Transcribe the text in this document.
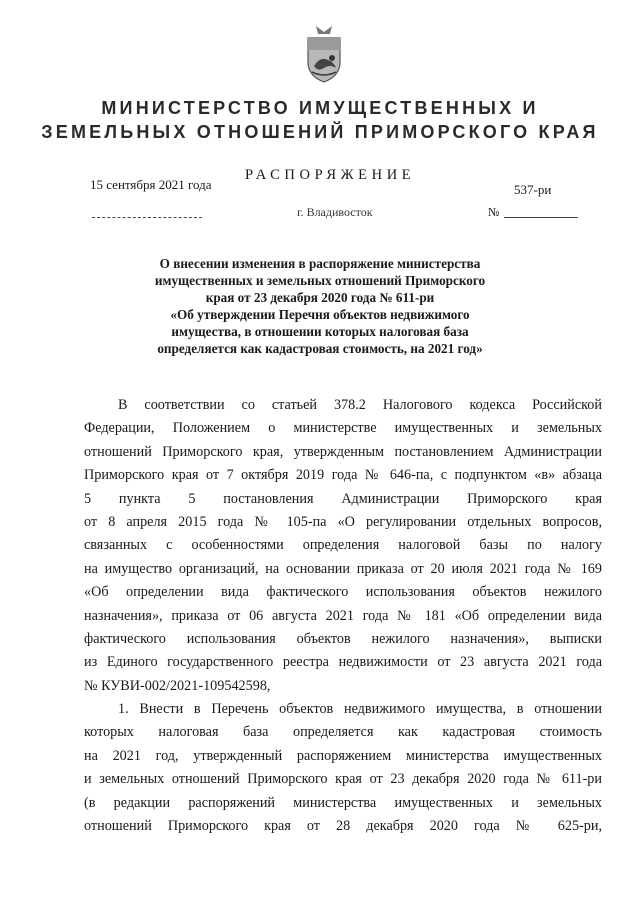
МИНИСТЕРСТВО ИМУЩЕСТВЕННЫХ И
ЗЕМЕЛЬНЫХ ОТНОШЕНИЙ ПРИМОРСКОГО КРАЯ
15 сентября 2021 года
РАСПОРЯЖЕНИЕ
537-ри
г. Владивосток	№
О внесении изменения в распоряжение министерства
имущественных и земельных отношений Приморского
края от 23 декабря 2020 года № 611-ри
«Об утверждении Перечня объектов недвижимого
имущества, в отношении которых налоговая база
определяется как кадастровая стоимость, на 2021 год»
В соответствии со статьей 378.2 Налогового кодекса Российской
Федерации, Положением о министерстве имущественных и земельных
отношений Приморского края, утвержденным постановлением Администрации
Приморского края от 7 октября 2019 года № 646-па, с подпунктом «в» абзаца
5 пункта 5 постановления Администрации Приморского края
от 8 апреля 2015 года № 105-па «О регулировании отдельных вопросов,
связанных с особенностями определения налоговой базы по налогу
на имущество организаций, на основании приказа от 20 июля 2021 года № 169
«Об определении вида фактического использования объектов нежилого
назначения», приказа от 06 августа 2021 года № 181 «Об определении вида
фактического использования объектов нежилого назначения», выписки
из Единого государственного реестра недвижимости от 23 августа 2021 года
№ КУВИ-002/2021-109542598,
1. Внести в Перечень объектов недвижимого имущества, в отношении
которых налоговая база определяется как кадастровая стоимость
на 2021 год, утвержденный распоряжением министерства имущественных
и земельных отношений Приморского края от 23 декабря 2020 года № 611-ри
(в редакции распоряжений министерства имущественных и земельных
отношений Приморского края от 28 декабря 2020 года № 625-ри,
